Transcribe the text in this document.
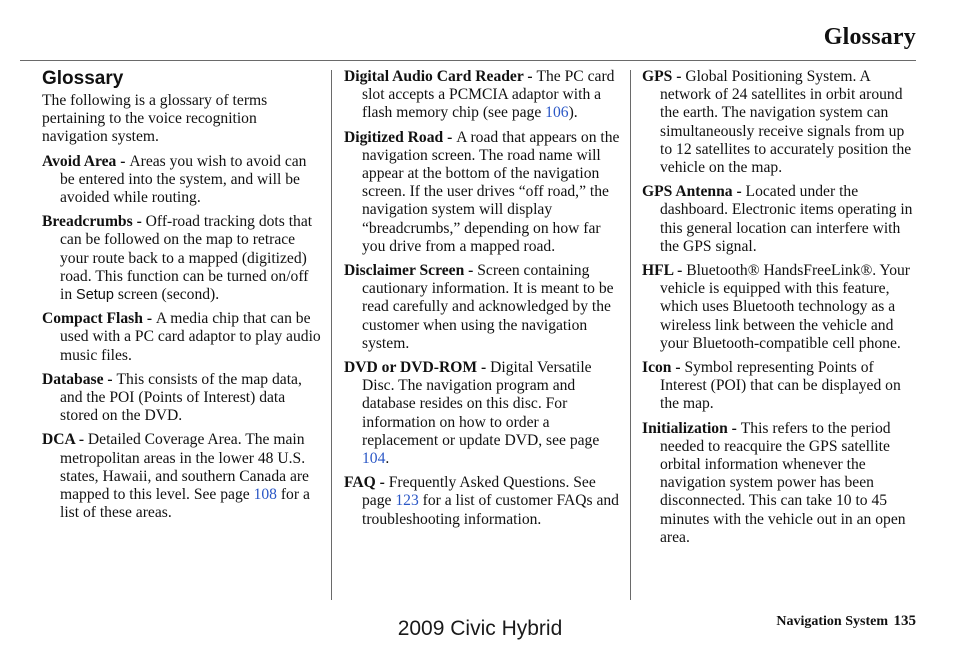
Glossary
Glossary

The following is a glossary of terms pertaining to the voice recognition navigation system.

Avoid Area - Areas you wish to avoid can be entered into the system, and will be avoided while routing.

Breadcrumbs - Off-road tracking dots that can be followed on the map to retrace your route back to a mapped (digitized) road. This function can be turned on/off in Setup screen (second).

Compact Flash - A media chip that can be used with a PC card adaptor to play audio music files.

Database - This consists of the map data, and the POI (Points of Interest) data stored on the DVD.

DCA - Detailed Coverage Area. The main metropolitan areas in the lower 48 U.S. states, Hawaii, and southern Canada are mapped to this level. See page 108 for a list of these areas.

Digital Audio Card Reader - The PC card slot accepts a PCMCIA adaptor with a flash memory chip (see page 106).

Digitized Road - A road that appears on the navigation screen. The road name will appear at the bottom of the navigation screen. If the user drives “off road,” the navigation system will display “breadcrumbs,” depending on how far you drive from a mapped road.

Disclaimer Screen - Screen containing cautionary information. It is meant to be read carefully and acknowledged by the customer when using the navigation system.

DVD or DVD-ROM - Digital Versatile Disc. The navigation program and database resides on this disc. For information on how to order a replacement or update DVD, see page 104.

FAQ - Frequently Asked Questions. See page 123 for a list of customer FAQs and troubleshooting information.

GPS - Global Positioning System. A network of 24 satellites in orbit around the earth. The navigation system can simultaneously receive signals from up to 12 satellites to accurately position the vehicle on the map.

GPS Antenna - Located under the dashboard. Electronic items operating in this general location can interfere with the GPS signal.

HFL - Bluetooth® HandsFreeLink®. Your vehicle is equipped with this feature, which uses Bluetooth technology as a wireless link between the vehicle and your Bluetooth-compatible cell phone.

Icon - Symbol representing Points of Interest (POI) that can be displayed on the map.

Initialization - This refers to the period needed to reacquire the GPS satellite orbital information whenever the navigation system power has been disconnected. This can take 10 to 45 minutes with the vehicle out in an open area.

Navigation System 135
2009 Civic Hybrid
